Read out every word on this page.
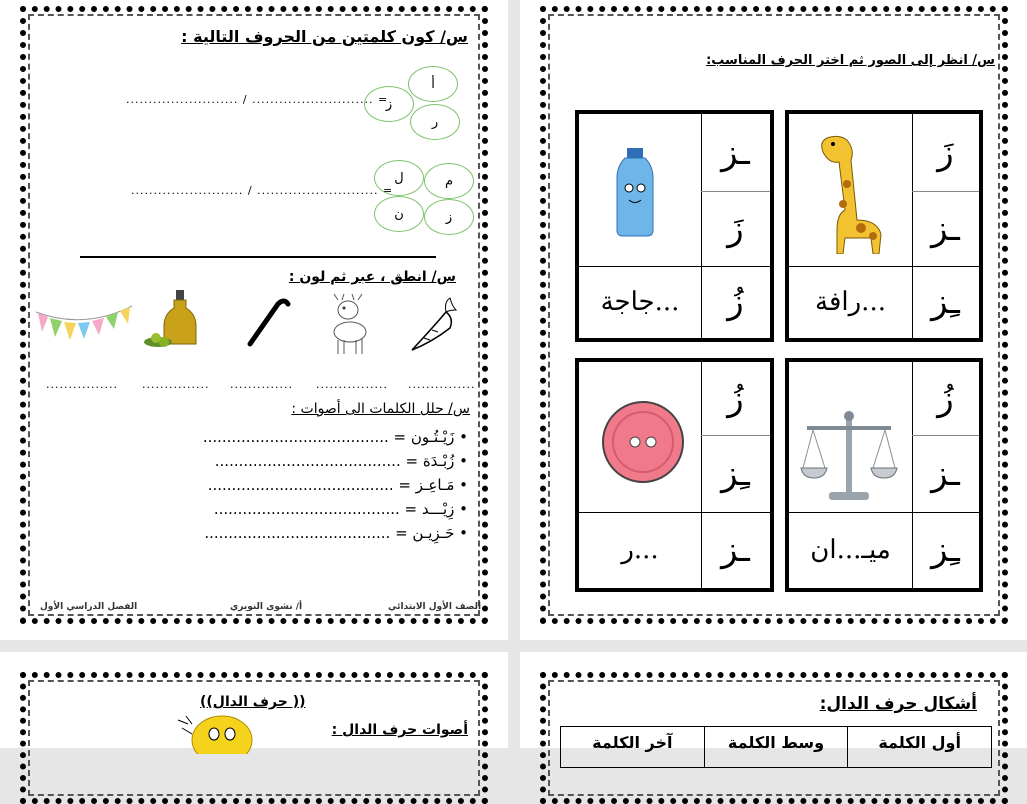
س/ كون كلمتين من الحروف التالية :
أ
ز
ر
......................... / ........................... =
م
ل
ن	ز
......................... / ........................... =
س/ انطق ، عبر ثم لون :
................ ............... .............. ................ ...............
س/ حلل الكلمات الى أصوات :
• زَيْـتُـون = .......................................
• زُبْـدَة = .......................................
• مَـاعِـز = .......................................
• زِيْـــد = .......................................
• حَـزِيـن = .......................................
الصف الأول الابتدائي
أ/ نشوى النويري
الفصل الدراسي الأول
س/ انظر إلى الصور ثم اختر الحرف المناسب:
زَ
ـز
ـِز
...رافة
ـز
زَ
زُ
...جاجة
زُ
ـز
ـِز
ميـ...ان
زُ
ـِز
ـز
...ر
(( حرف الدال))
أصوات حرف الدال :
أشكال حرف الدال:
أول الكلمة
وسط الكلمة
آخر الكلمة
